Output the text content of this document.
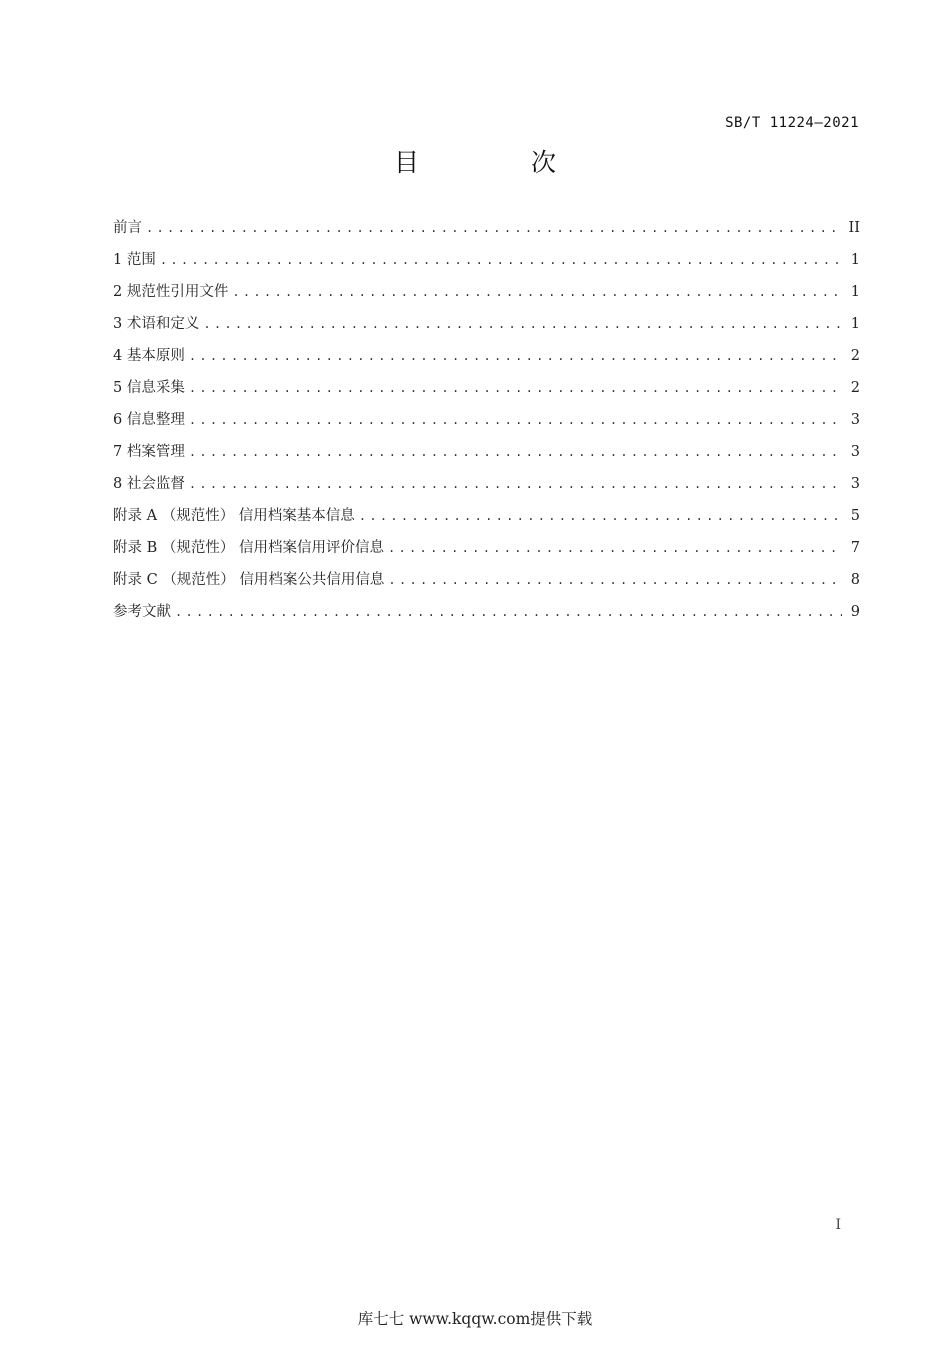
SB/T 11224—2021
目 次
前言 .....	II
1 范围 .....	1
2 规范性引用文件 .....	1
3 术语和定义 .....	1
4 基本原则 .....	2
5 信息采集 .....	2
6 信息整理 .....	3
7 档案管理 .....	3
8 社会监督 .....	3
附录 A （规范性） 信用档案基本信息 .....	5
附录 B （规范性） 信用档案信用评价信息 .....	7
附录 C （规范性） 信用档案公共信用信息 .....	8
参考文献 .....	9
I
库七七 www.kqqw.com提供下载
